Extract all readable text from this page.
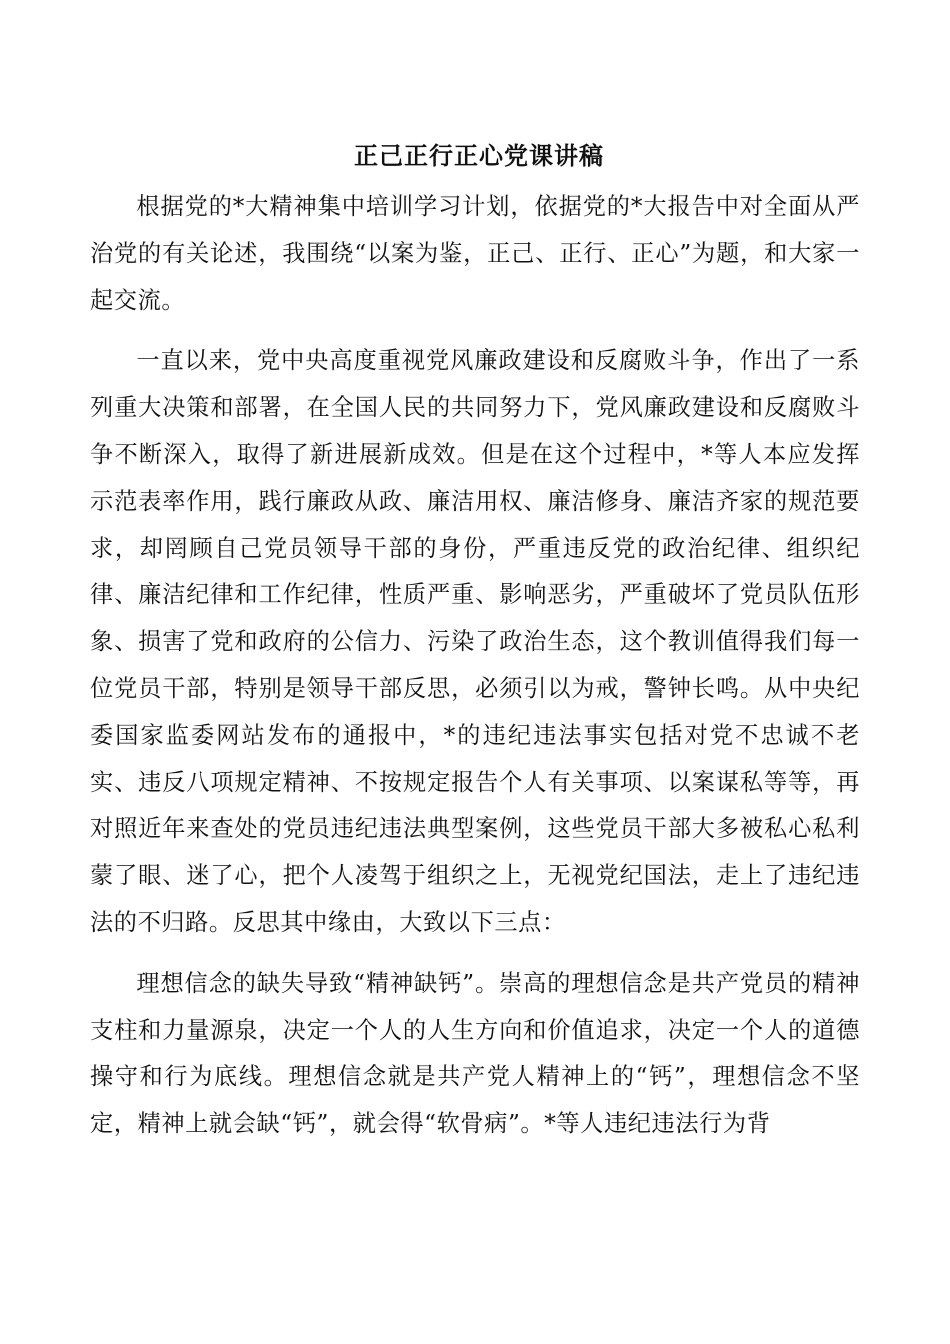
正己正行正心党课讲稿

根据党的*大精神集中培训学习计划，依据党的*大报告中对全面从严治党的有关论述，我围绕“以案为鉴，正己、正行、正心”为题，和大家一起交流。

一直以来，党中央高度重视党风廉政建设和反腐败斗争，作出了一系列重大决策和部署，在全国人民的共同努力下，党风廉政建设和反腐败斗争不断深入，取得了新进展新成效。但是在这个过程中，*等人本应发挥示范表率作用，践行廉政从政、廉洁用权、廉洁修身、廉洁齐家的规范要求，却罔顾自己党员领导干部的身份，严重违反党的政治纪律、组织纪律、廉洁纪律和工作纪律，性质严重、影响恶劣，严重破坏了党员队伍形象、损害了党和政府的公信力、污染了政治生态，这个教训值得我们每一位党员干部，特别是领导干部反思，必须引以为戒，警钟长鸣。从中央纪委国家监委网站发布的通报中，*的违纪违法事实包括对党不忠诚不老实、违反八项规定精神、不按规定报告个人有关事项、以案谋私等等，再对照近年来查处的党员违纪违法典型案例，这些党员干部大多被私心私利蒙了眼、迷了心，把个人凌驾于组织之上，无视党纪国法，走上了违纪违法的不归路。反思其中缘由，大致以下三点：

理想信念的缺失导致“精神缺钙”。崇高的理想信念是共产党员的精神支柱和力量源泉，决定一个人的人生方向和价值追求，决定一个人的道德操守和行为底线。理想信念就是共产党人精神上的“钙”，理想信念不坚定，精神上就会缺“钙”，就会得“软骨病”。*等人违纪违法行为背
